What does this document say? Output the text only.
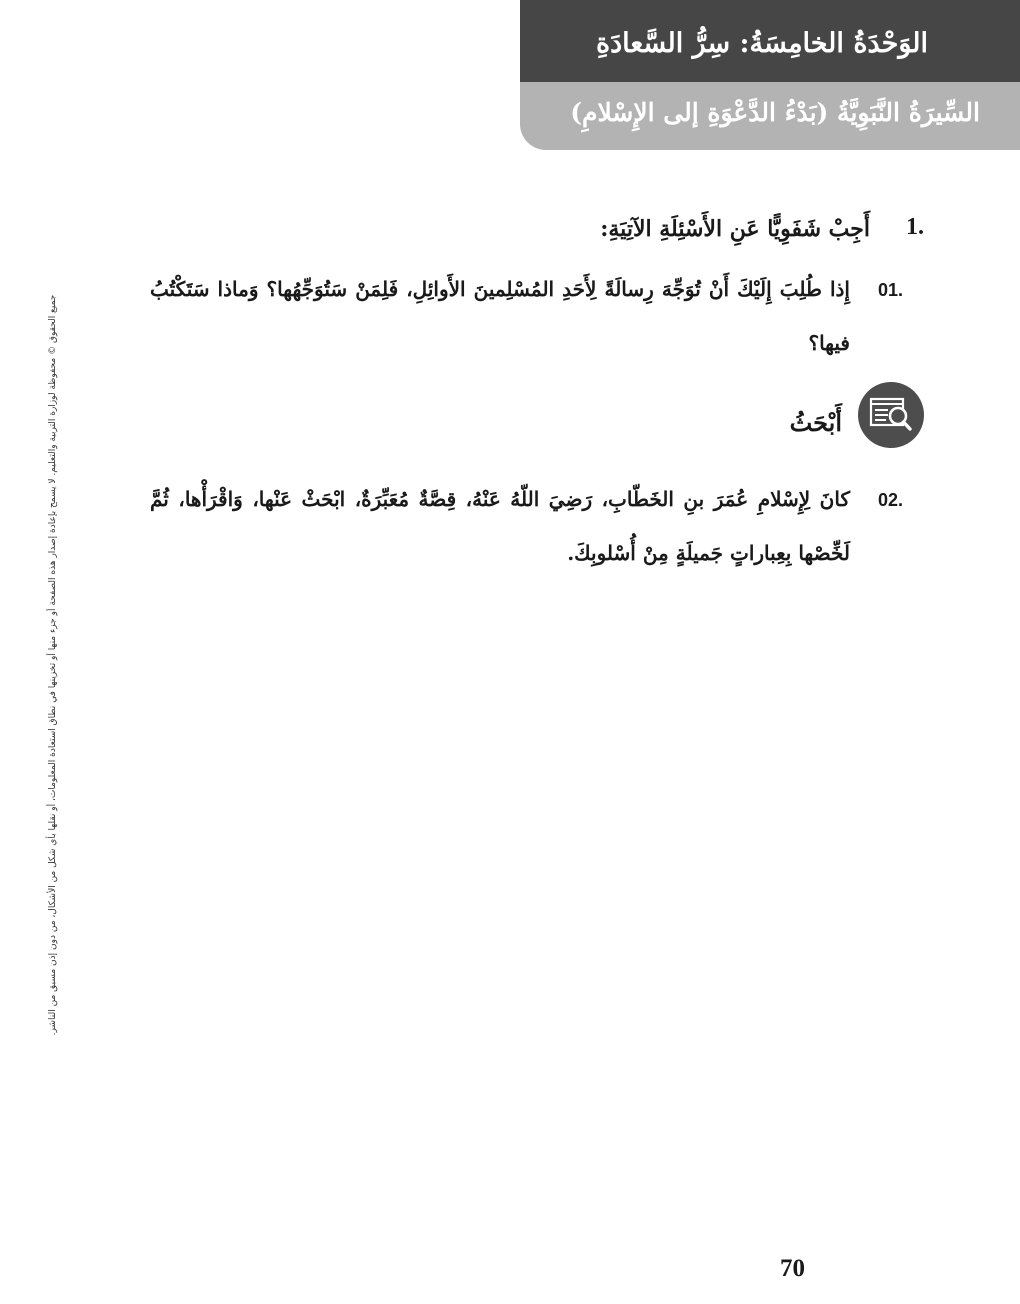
الوَحْدَةُ الخامِسَةُ: سِرُّ السَّعادَةِ
السِّيرَةُ النَّبَوِيَّةُ (بَدْءُ الدَّعْوَةِ إلى الإِسْلامِ)
جميع الحقوق © محفوظة لوزارة التربية والتعليم. لا يسمح بإعادة إصدار هذه الصفحة أو جزء منها أو تخزينها في نطاق استعادة المعلومات، أو نقلها بأي شكل من الأشكال، من دون إذن مسبق من الناشر.
1.
أَجِبْ شَفَوِيًّا عَنِ الأَسْئِلَةِ الآتِيَةِ:
01.
إِذا طُلِبَ إِلَيْكَ أَنْ تُوَجِّهَ رِسالَةً لِأَحَدِ المُسْلِمينَ الأَوائِلِ، فَلِمَنْ سَتُوَجِّهُها؟ وَماذا سَتَكْتُبُ فيها؟
أَبْحَثُ
02.
كانَ لِإِسْلامِ عُمَرَ بنِ الخَطّابِ، رَضِيَ اللّهُ عَنْهُ، قِصَّةٌ مُعَبِّرَةٌ، ابْحَثْ عَنْها، وَاقْرَأْها، ثُمَّ لَخِّصْها بِعِباراتٍ جَميلَةٍ مِنْ أُسْلوبِكَ.
70
